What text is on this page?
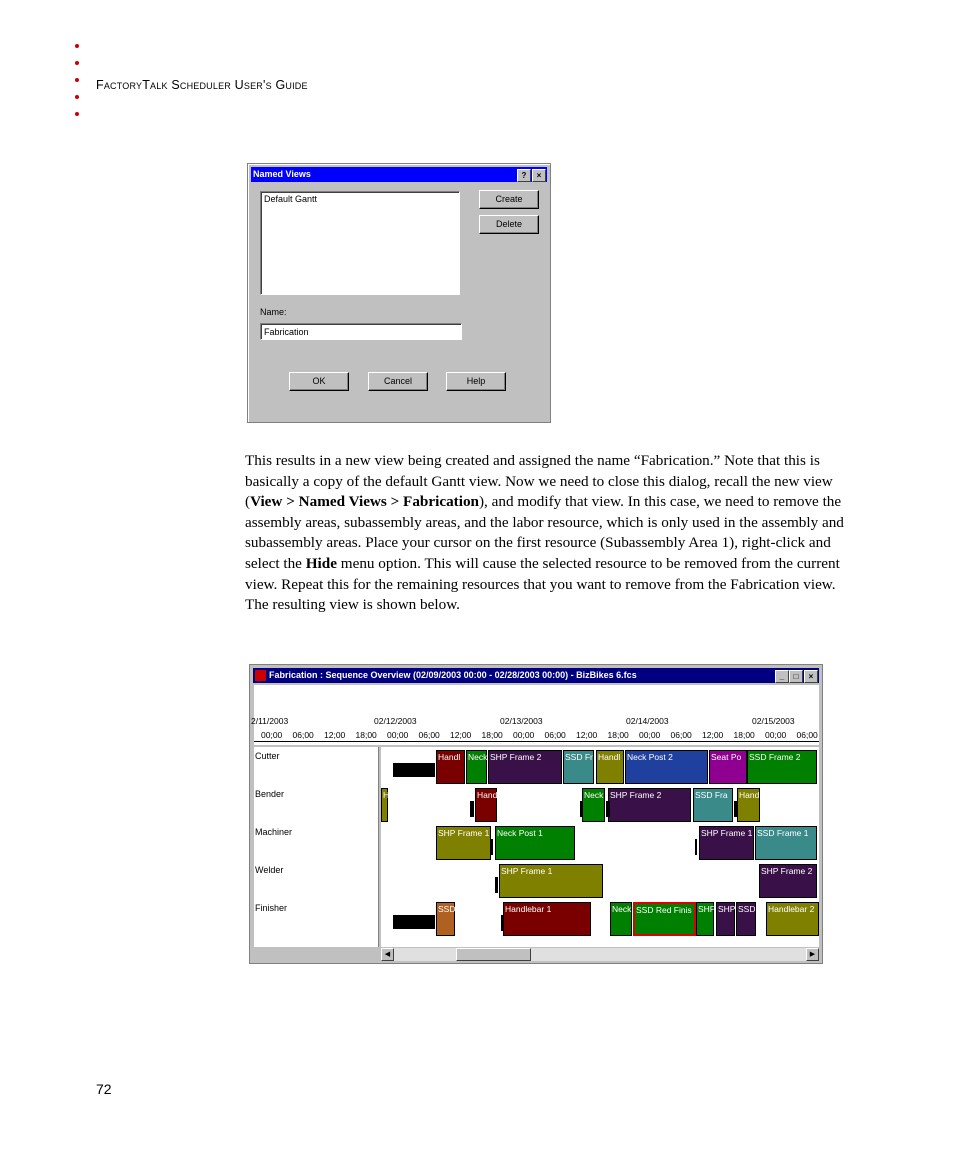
FactoryTalk Scheduler User's Guide
Named Views	?	×
Default Gantt	Create
Delete
Name:
Fabrication
OK	Cancel	Help
This results in a new view being created and assigned the name “Fabrication.” Note that this is basically a copy of the default Gantt view. Now we need to close this dialog, recall the new view (View > Named Views > Fabrication), and modify that view. In this case, we need to remove the assembly areas, subassembly areas, and the labor resource, which is only used in the assembly and subassembly areas. Place your cursor on the first resource (Subassembly Area 1), right-click and select the Hide menu option. This will cause the selected resource to be removed from the current view. Repeat this for the remaining resources that you want to remove from the Fabrication view. The resulting view is shown below.
Fabrication : Sequence Overview (02/09/2003 00:00 - 02/28/2003 00:00) - BizBikes 6.fcs	_	□	×
2/11/2003	02/12/2003	02/13/2003	02/14/2003	02/15/2003
00;00 06;00 12;00 18;00 00;00 06;00 12;00 18;00 00;00 06;00 12;00 18;00 00;00 06;00 12;00 18;00 00;00 06;00
Cutter
Bender
Machiner
Welder
Finisher
Handl Neck SHP Frame 2	SSD Fr Handl Neck Post 2	Seat Po SSD Frame 2
Ha	Hand	Neck SHP Frame 2	SSD Fra	Hand
SHP Frame 1 Neck Post 1	SHP Frame 1 SSD Frame 1
SHP Frame 1	SHP Frame 2
SSD	Handlebar 1	Neck SSD Red Finis SHP SHP SSD Handlebar 2
◀	▶
72
